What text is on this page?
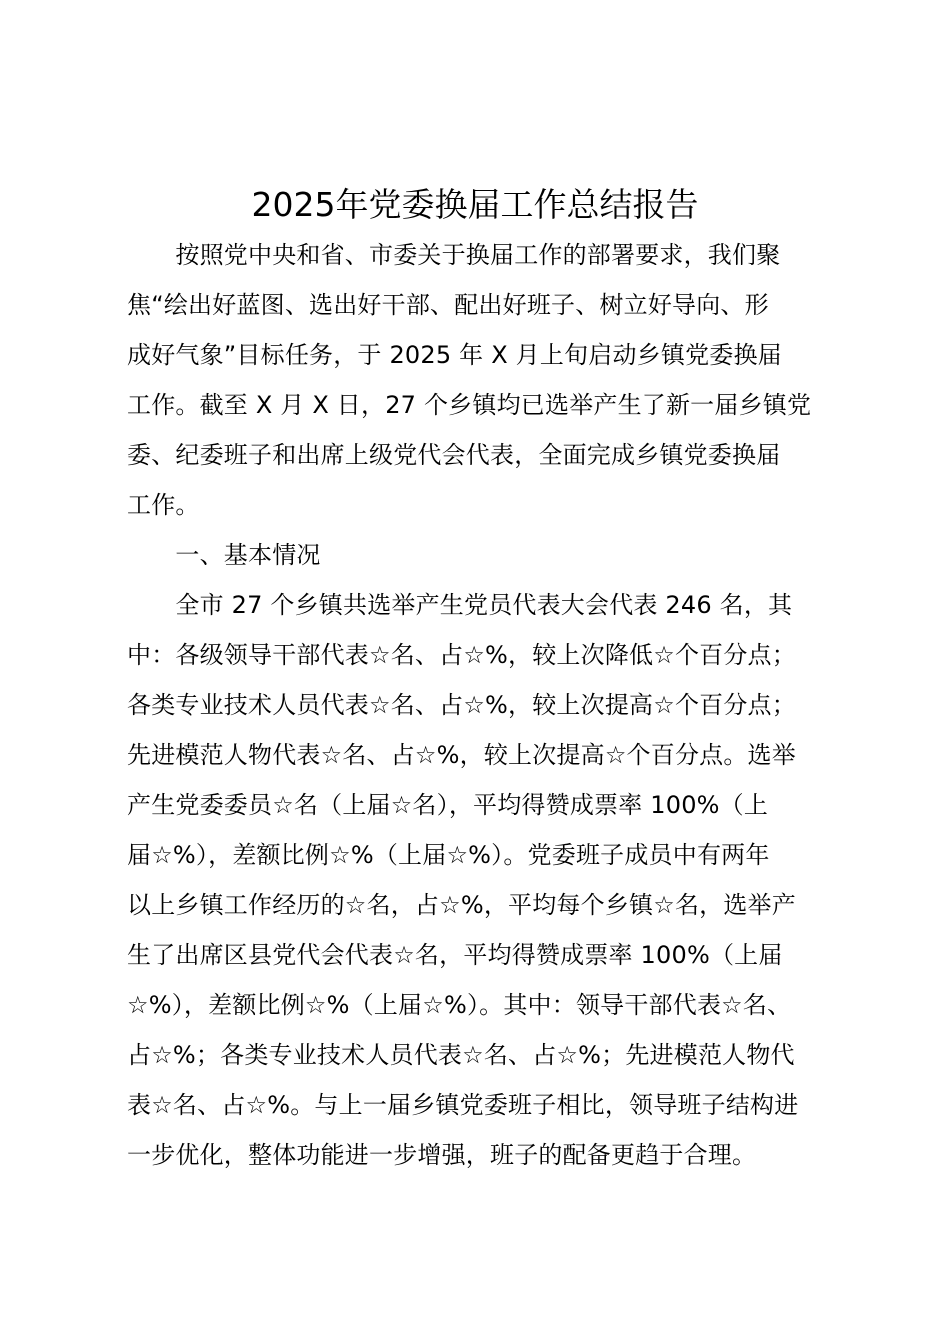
2025年党委换届工作总结报告
　　按照党中央和省、市委关于换届工作的部署要求，我们聚
焦“绘出好蓝图、选出好干部、配出好班子、树立好导向、形
成好气象”目标任务，于 2025 年 X 月上旬启动乡镇党委换届
工作。截至 X 月 X 日，27 个乡镇均已选举产生了新一届乡镇党
委、纪委班子和出席上级党代会代表，全面完成乡镇党委换届
工作。
　　一、基本情况
　　全市 27 个乡镇共选举产生党员代表大会代表 246 名，其
中：各级领导干部代表☆名、占☆%，较上次降低☆个百分点；
各类专业技术人员代表☆名、占☆%，较上次提高☆个百分点；
先进模范人物代表☆名、占☆%，较上次提高☆个百分点。选举
产生党委委员☆名（上届☆名），平均得赞成票率 100%（上
届☆%），差额比例☆%（上届☆%）。党委班子成员中有两年
以上乡镇工作经历的☆名，占☆%，平均每个乡镇☆名，选举产
生了出席区县党代会代表☆名，平均得赞成票率 100%（上届
☆%），差额比例☆%（上届☆%）。其中：领导干部代表☆名、
占☆%；各类专业技术人员代表☆名、占☆%；先进模范人物代
表☆名、占☆%。与上一届乡镇党委班子相比，领导班子结构进
一步优化，整体功能进一步增强，班子的配备更趋于合理。
